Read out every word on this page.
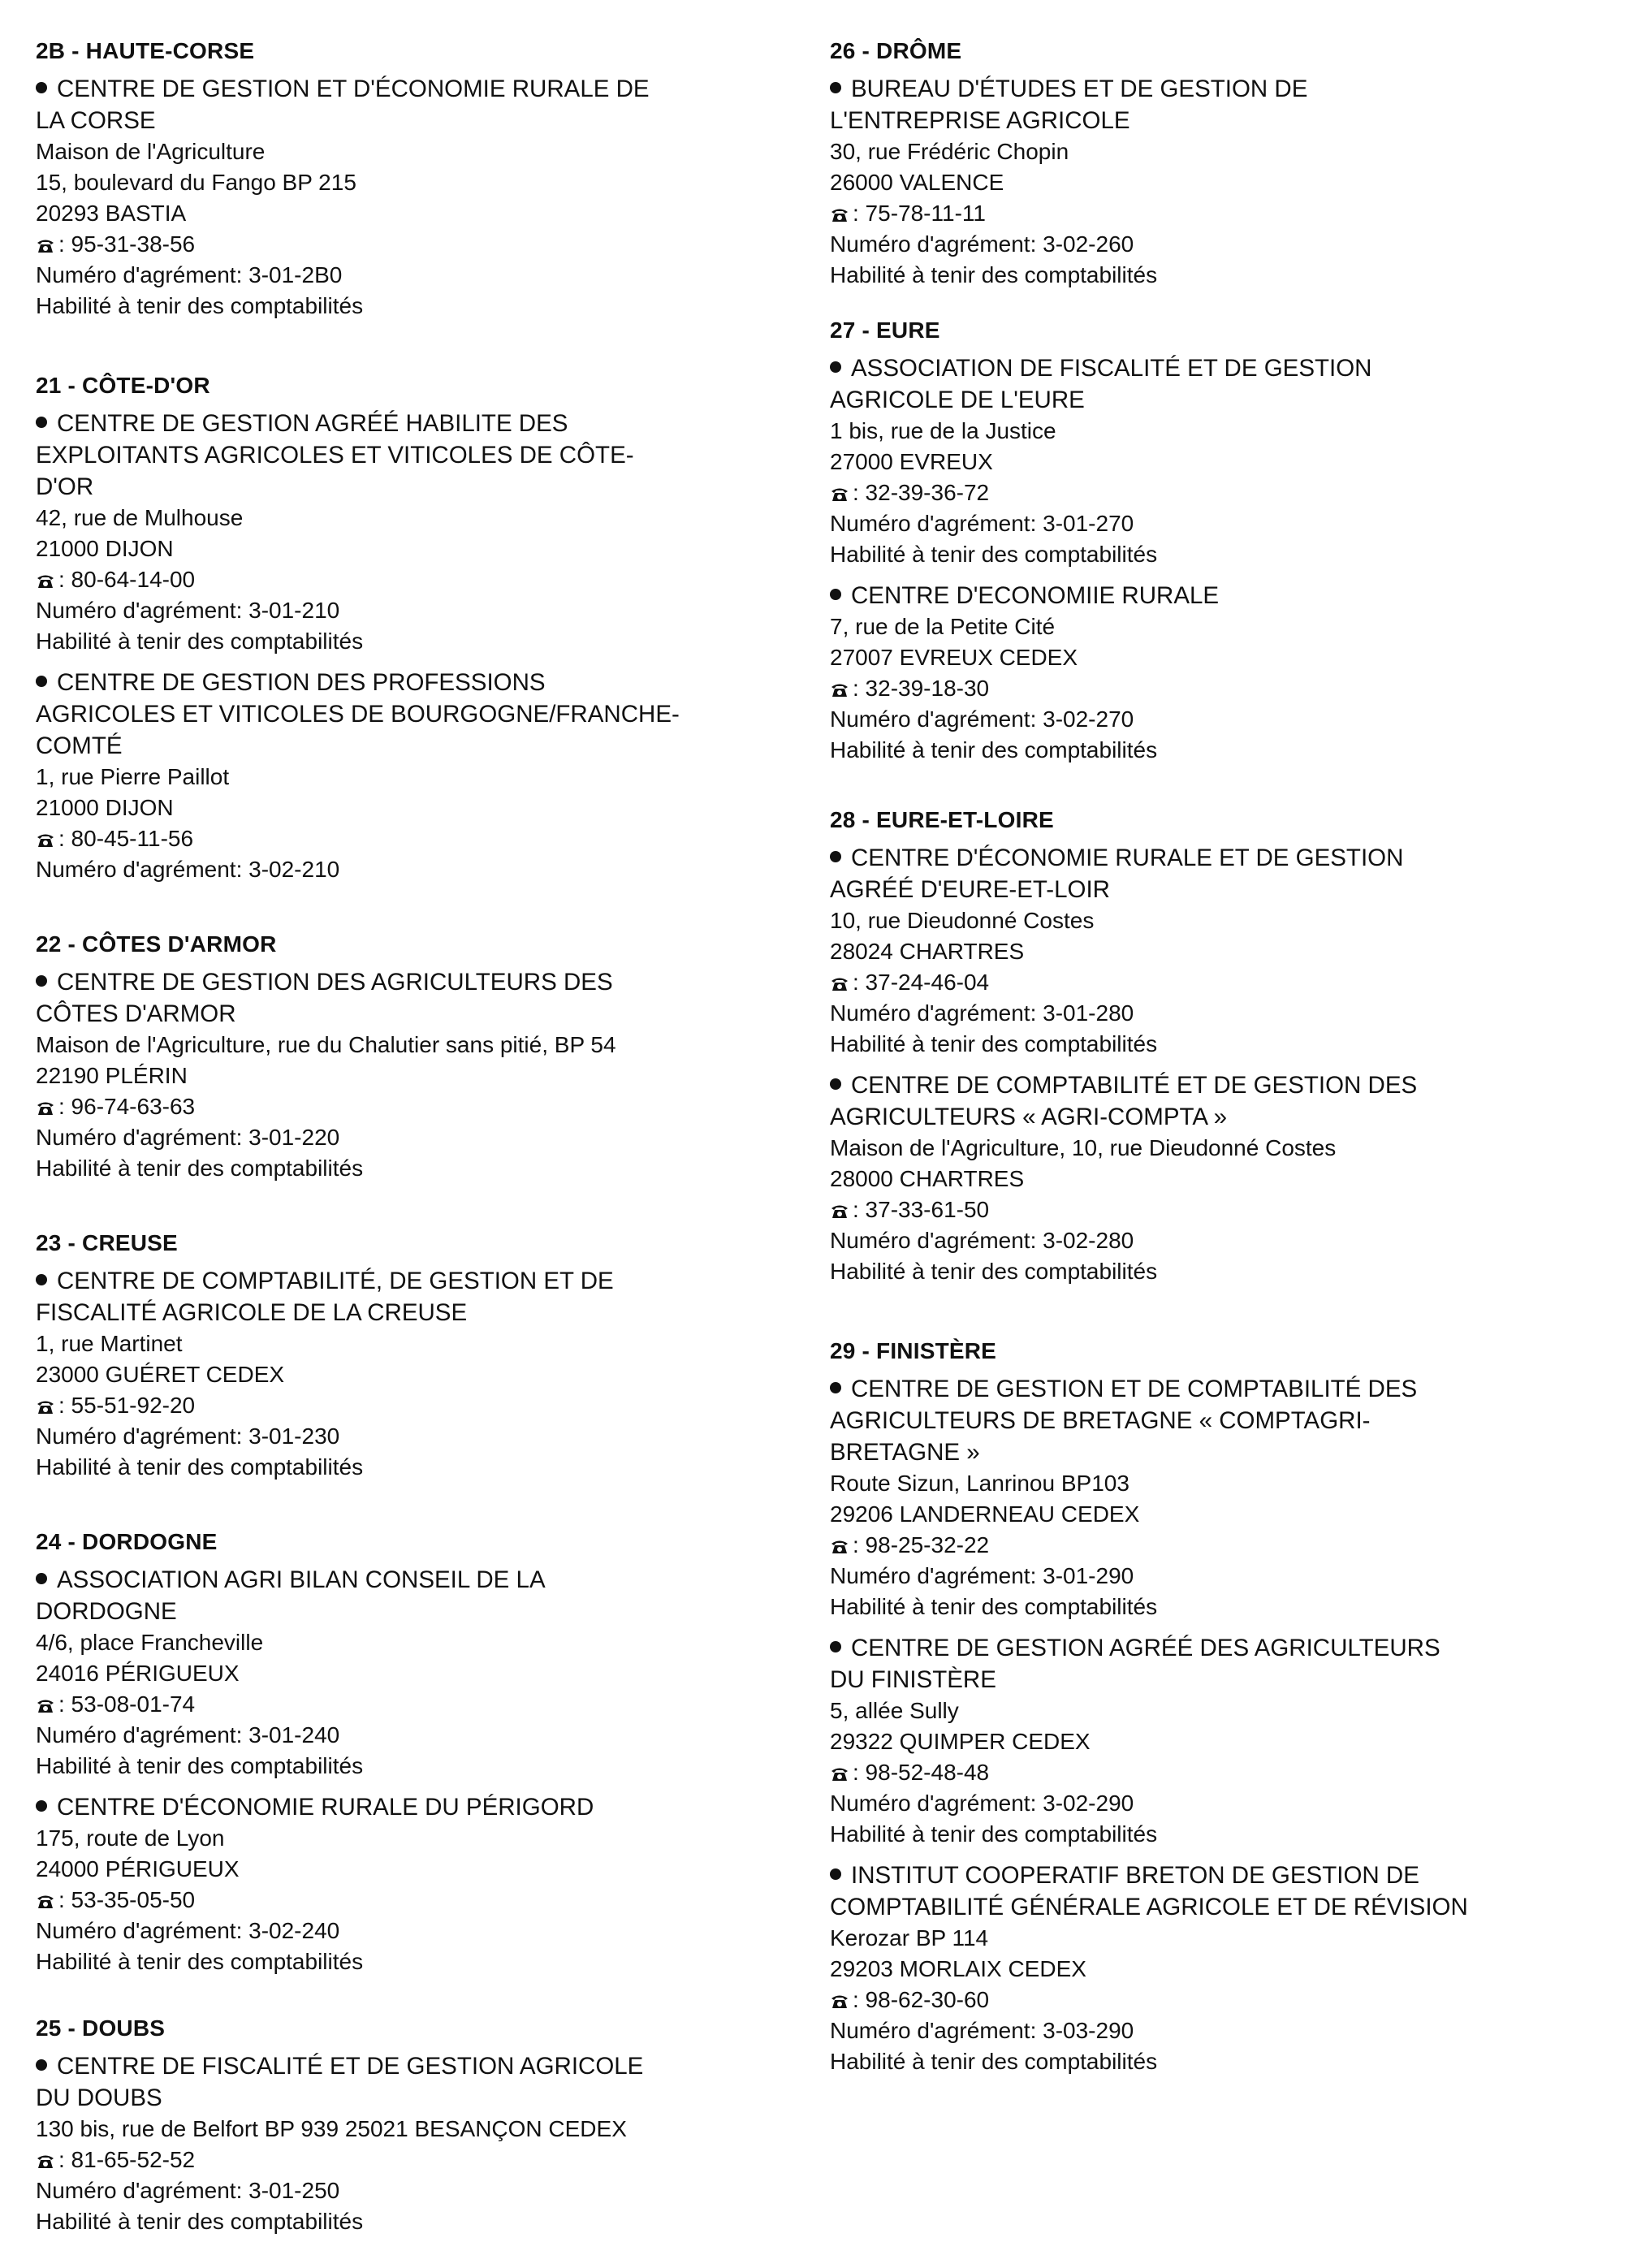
2B - HAUTE-CORSE
CENTRE DE GESTION ET D'ÉCONOMIE RURALE DE
LA CORSE
Maison de l'Agriculture
15, boulevard du Fango BP 215
20293 BASTIA
: 95-31-38-56
Numéro d'agrément: 3-01-2B0
Habilité à tenir des comptabilités
21 - CÔTE-D'OR
CENTRE DE GESTION AGRÉÉ HABILITE DES
EXPLOITANTS AGRICOLES ET VITICOLES DE CÔTE-
D'OR
42, rue de Mulhouse
21000 DIJON
: 80-64-14-00
Numéro d'agrément: 3-01-210
Habilité à tenir des comptabilités
CENTRE DE GESTION DES PROFESSIONS
AGRICOLES ET VITICOLES DE BOURGOGNE/FRANCHE-
COMTÉ
1, rue Pierre Paillot
21000 DIJON
: 80-45-11-56
Numéro d'agrément: 3-02-210
22 - CÔTES D'ARMOR
CENTRE DE GESTION DES AGRICULTEURS DES
CÔTES D'ARMOR
Maison de l'Agriculture, rue du Chalutier sans pitié, BP 54
22190 PLÉRIN
: 96-74-63-63
Numéro d'agrément: 3-01-220
Habilité à tenir des comptabilités
23 - CREUSE
CENTRE DE COMPTABILITÉ, DE GESTION ET DE
FISCALITÉ AGRICOLE DE LA CREUSE
1, rue Martinet
23000 GUÉRET CEDEX
: 55-51-92-20
Numéro d'agrément: 3-01-230
Habilité à tenir des comptabilités
24 - DORDOGNE
ASSOCIATION AGRI BILAN CONSEIL DE LA
DORDOGNE
4/6, place Francheville
24016 PÉRIGUEUX
: 53-08-01-74
Numéro d'agrément: 3-01-240
Habilité à tenir des comptabilités
CENTRE D'ÉCONOMIE RURALE DU PÉRIGORD
175, route de Lyon
24000 PÉRIGUEUX
: 53-35-05-50
Numéro d'agrément: 3-02-240
Habilité à tenir des comptabilités
25 - DOUBS
CENTRE DE FISCALITÉ ET DE GESTION AGRICOLE
DU DOUBS
130 bis, rue de Belfort BP 939 25021 BESANÇON CEDEX
: 81-65-52-52
Numéro d'agrément: 3-01-250
Habilité à tenir des comptabilités
26 - DRÔME
BUREAU D'ÉTUDES ET DE GESTION DE
L'ENTREPRISE AGRICOLE
30, rue Frédéric Chopin
26000 VALENCE
: 75-78-11-11
Numéro d'agrément: 3-02-260
Habilité à tenir des comptabilités
27 - EURE
ASSOCIATION DE FISCALITÉ ET DE GESTION
AGRICOLE DE L'EURE
1 bis, rue de la Justice
27000 EVREUX
: 32-39-36-72
Numéro d'agrément: 3-01-270
Habilité à tenir des comptabilités
CENTRE D'ECONOMIIE RURALE
7, rue de la Petite Cité
27007 EVREUX CEDEX
: 32-39-18-30
Numéro d'agrément: 3-02-270
Habilité à tenir des comptabilités
28 - EURE-ET-LOIRE
CENTRE D'ÉCONOMIE RURALE ET DE GESTION
AGRÉÉ D'EURE-ET-LOIR
10, rue Dieudonné Costes
28024 CHARTRES
: 37-24-46-04
Numéro d'agrément: 3-01-280
Habilité à tenir des comptabilités
CENTRE DE COMPTABILITÉ ET DE GESTION DES
AGRICULTEURS « AGRI-COMPTA »
Maison de l'Agriculture, 10, rue Dieudonné Costes
28000 CHARTRES
: 37-33-61-50
Numéro d'agrément: 3-02-280
Habilité à tenir des comptabilités
29 - FINISTÈRE
CENTRE DE GESTION ET DE COMPTABILITÉ DES
AGRICULTEURS DE BRETAGNE « COMPTAGRI-
BRETAGNE »
Route Sizun, Lanrinou BP103
29206 LANDERNEAU CEDEX
: 98-25-32-22
Numéro d'agrément: 3-01-290
Habilité à tenir des comptabilités
CENTRE DE GESTION AGRÉÉ DES AGRICULTEURS
DU FINISTÈRE
5, allée Sully
29322 QUIMPER CEDEX
: 98-52-48-48
Numéro d'agrément: 3-02-290
Habilité à tenir des comptabilités
INSTITUT COOPERATIF BRETON DE GESTION DE
COMPTABILITÉ GÉNÉRALE AGRICOLE ET DE RÉVISION
Kerozar BP 114
29203 MORLAIX CEDEX
: 98-62-30-60
Numéro d'agrément: 3-03-290
Habilité à tenir des comptabilités
